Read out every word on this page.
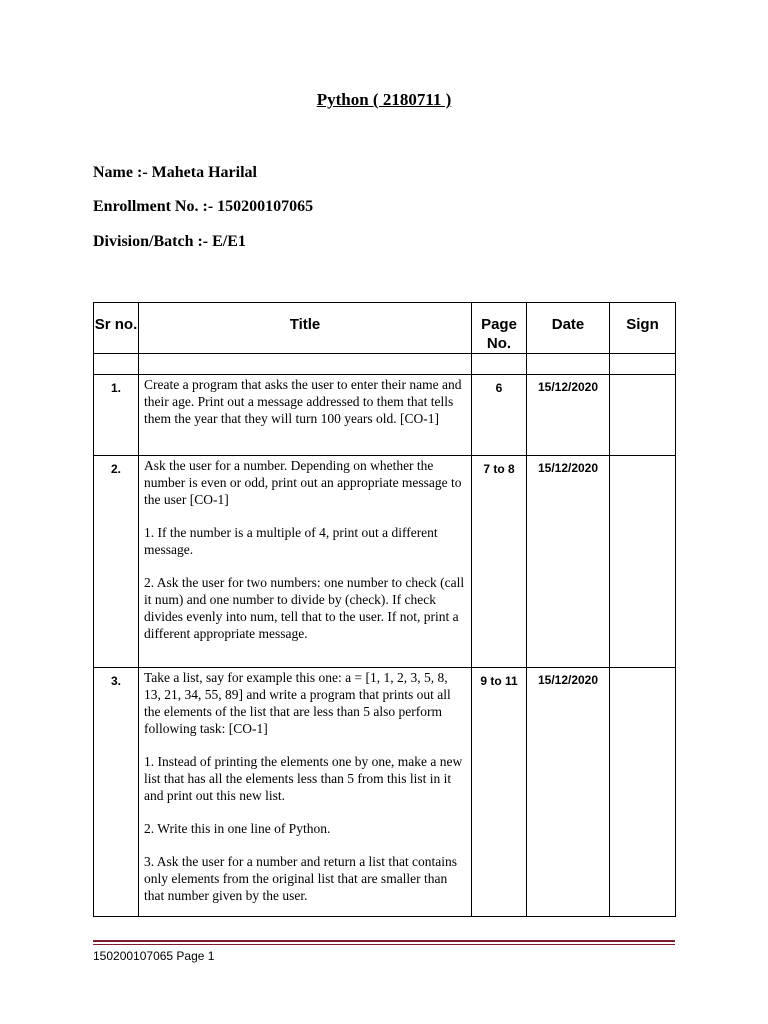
Python ( 2180711 )
Name :- Maheta Harilal
Enrollment No. :- 150200107065
Division/Batch :- E/E1
Sr no.	Title	Page No.	Date	Sign

1.	Create a program that asks the user to enter their name and their age. Print out a message addressed to them that tells them the year that they will turn 100 years old. [CO-1]	6	15/12/2020	
2.	Ask the user for a number. Depending on whether the number is even or odd, print out an appropriate message to the user [CO-1]

1. If the number is a multiple of 4, print out a different message.

2. Ask the user for two numbers: one number to check (call it num) and one number to divide by (check). If check divides evenly into num, tell that to the user. If not, print a different appropriate message.	7 to 8	15/12/2020	
3.	Take a list, say for example this one: a = [1, 1, 2, 3, 5, 8, 13, 21, 34, 55, 89] and write a program that prints out all the elements of the list that are less than 5 also perform following task: [CO-1]

1. Instead of printing the elements one by one, make a new list that has all the elements less than 5 from this list in it and print out this new list.

2. Write this in one line of Python.

3. Ask the user for a number and return a list that contains only elements from the original list that are smaller than that number given by the user.	9 to 11	15/12/2020	
150200107065 Page 1
